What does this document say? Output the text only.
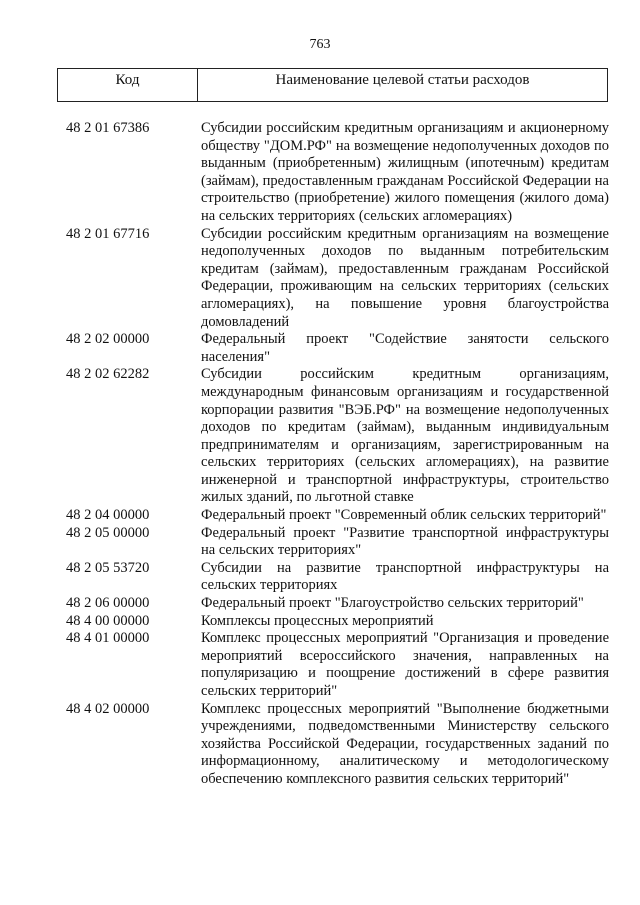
763
Код	Наименование целевой статьи расходов
48 2 01 67386	Субсидии российским кредитным организациям и акционерному обществу "ДОМ.РФ" на возмещение недополученных доходов по выданным (приобретенным) жилищным (ипотечным) кредитам (займам), предоставленным гражданам Российской Федерации на строительство (приобретение) жилого помещения (жилого дома) на сельских территориях (сельских агломерациях)
48 2 01 67716	Субсидии российским кредитным организациям на возмещение недополученных доходов по выданным потребительским кредитам (займам), предоставленным гражданам Российской Федерации, проживающим на сельских территориях (сельских агломерациях), на повышение уровня благоустройства домовладений
48 2 02 00000	Федеральный проект "Содействие занятости сельского населения"
48 2 02 62282	Субсидии российским кредитным организациям, международным финансовым организациям и государственной корпорации развития "ВЭБ.РФ" на возмещение недополученных доходов по кредитам (займам), выданным индивидуальным предпринимателям и организациям, зарегистрированным на сельских территориях (сельских агломерациях), на развитие инженерной и транспортной инфраструктуры, строительство жилых зданий, по льготной ставке
48 2 04 00000	Федеральный проект "Современный облик сельских территорий"
48 2 05 00000	Федеральный проект "Развитие транспортной инфраструктуры на сельских территориях"
48 2 05 53720	Субсидии на развитие транспортной инфраструктуры на сельских территориях
48 2 06 00000	Федеральный проект "Благоустройство сельских территорий"
48 4 00 00000	Комплексы процессных мероприятий
48 4 01 00000	Комплекс процессных мероприятий "Организация и проведение мероприятий всероссийского значения, направленных на популяризацию и поощрение достижений в сфере развития сельских территорий"
48 4 02 00000	Комплекс процессных мероприятий "Выполнение бюджетными учреждениями, подведомственными Министерству сельского хозяйства Российской Федерации, государственных заданий по информационному, аналитическому и методологическому обеспечению комплексного развития сельских территорий"
